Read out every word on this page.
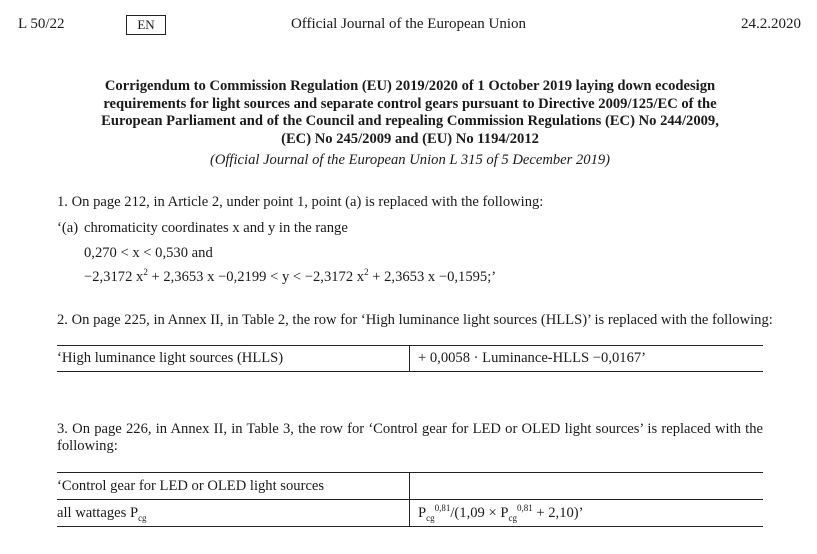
L 50/22	EN	Official Journal of the European Union	24.2.2020
Corrigendum to Commission Regulation (EU) 2019/2020 of 1 October 2019 laying down ecodesign
requirements for light sources and separate control gears pursuant to Directive 2009/125/EC of the
European Parliament and of the Council and repealing Commission Regulations (EC) No 244/2009,
(EC) No 245/2009 and (EU) No 1194/2012
(Official Journal of the European Union L 315 of 5 December 2019)
1. On page 212, in Article 2, under point 1, point (a) is replaced with the following:
‘(a) chromaticity coordinates x and y in the range
0,270 < x < 0,530 and
−2,3172 $x^2 + 2,3653$ x −0,2199 < y < −2,3172 $x^2 + 2,3653$ x −0,1595;’
2. On page 225, in Annex II, in Table 2, the row for ‘High luminance light sources (HLLS)’ is replaced with the following:
‘High luminance light sources (HLLS)	+ 0,0058 · Luminance-HLLS −0,0167’
3. On page 226, in Annex II, in Table 3, the row for ‘Control gear for LED or OLED light sources’ is replaced with the following:
‘Control gear for LED or OLED light sources
all wattages $P_{cg}$	$P_{cg}^{0,81}/(1,09 \times P_{cg}^{0,81} + 2,10)$’
